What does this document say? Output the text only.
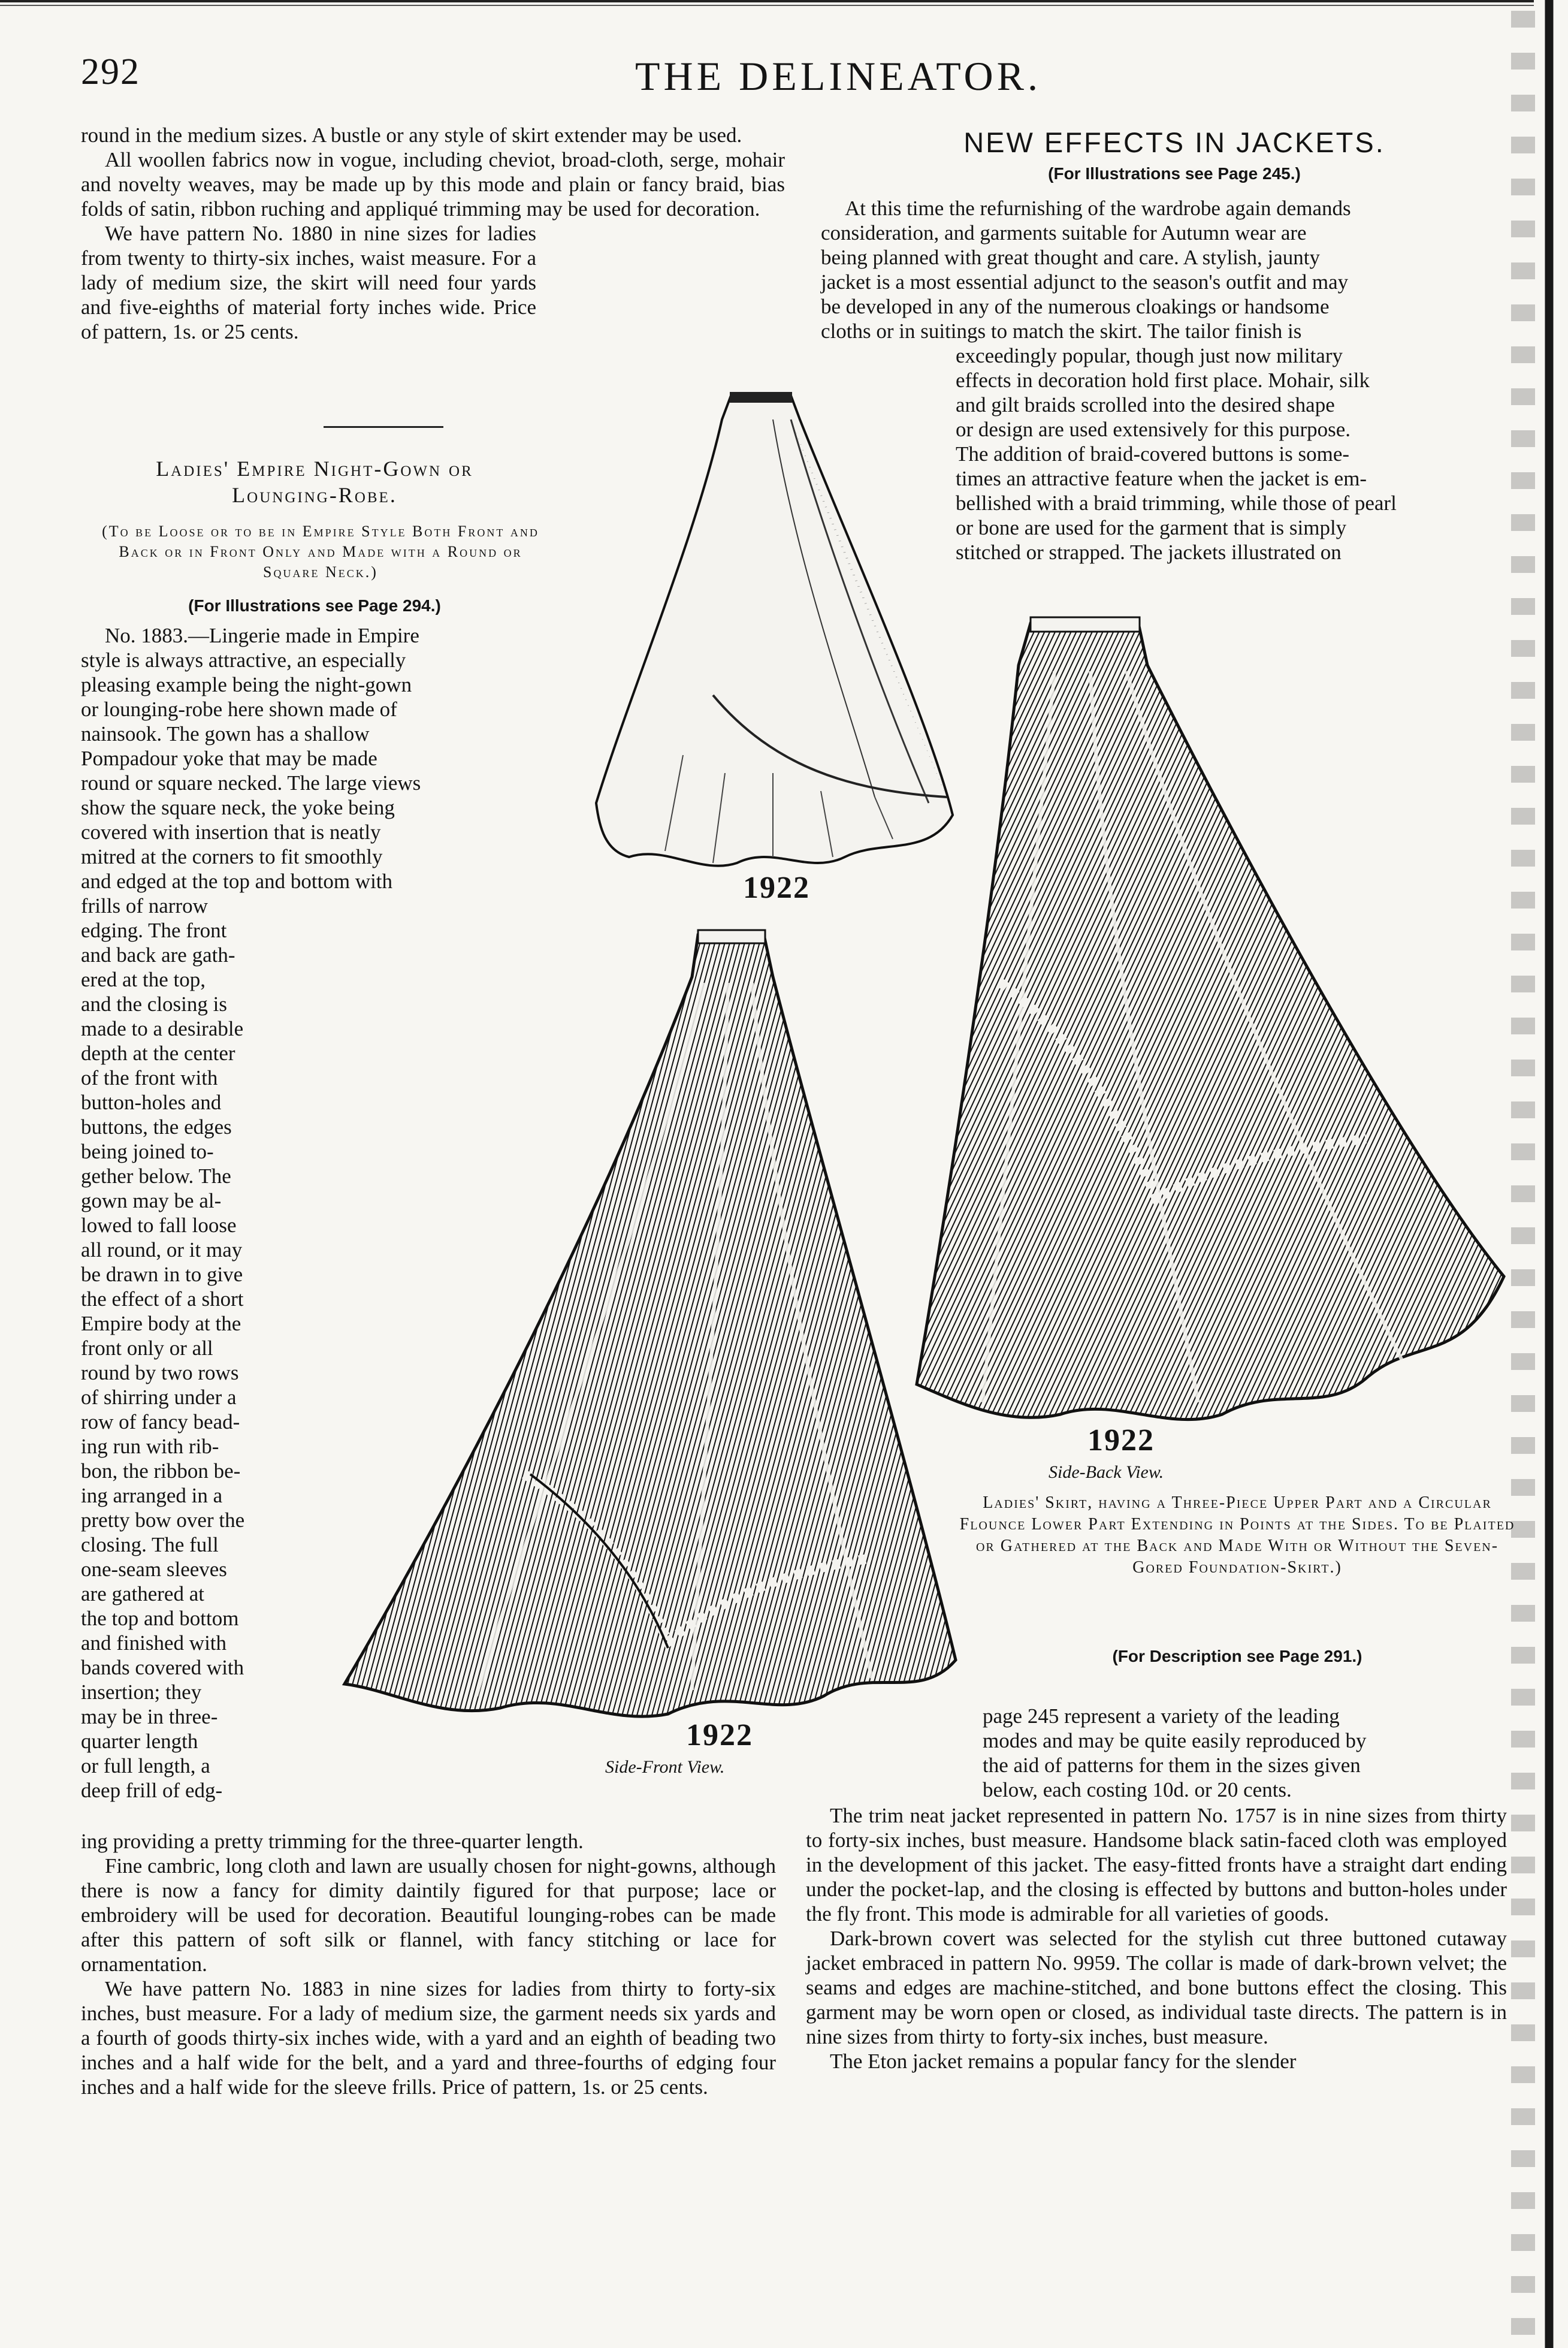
292	THE DELINEATOR.

round in the medium sizes. A bustle or any style of skirt extender may be used.

All woollen fabrics now in vogue, including cheviot, broad-cloth, serge, mohair and novelty weaves, may be made up by this mode and plain or fancy braid, bias folds of satin, ribbon ruching and appliqué trimming may be used for decoration.

We have pattern No. 1880 in nine sizes for ladies from twenty to thirty-six inches, waist measure. For a lady of medium size, the skirt will need four yards and five-eighths of material forty inches wide. Price of pattern, 1s. or 25 cents.

Ladies' Empire Night-Gown or
Lounging-Robe.
(To be Loose or to be in Empire Style Both Front and Back or in Front Only and Made with a Round or Square Neck.)
(For Illustrations see Page 294.)
No. 1883.—Lingerie made in Empire
style is always attractive, an especially
pleasing example being the night-gown
or lounging-robe here shown made of
nainsook. The gown has a shallow
Pompadour yoke that may be made
round or square necked. The large views
show the square neck, the yoke being
covered with insertion that is neatly
mitred at the corners to fit smoothly
and edged at the top and bottom with
frills of narrow
edging. The front
and back are gath-
ered at the top,
and the closing is
made to a desirable
depth at the center
of the front with
button-holes and
buttons, the edges
being joined to-
gether below. The
gown may be al-
lowed to fall loose
all round, or it may
be drawn in to give
the effect of a short
Empire body at the
front only or all
round by two rows
of shirring under a
row of fancy bead-
ing run with rib-
bon, the ribbon be-
ing arranged in a
pretty bow over the
closing. The full
one-seam sleeves
are gathered at
the top and bottom
and finished with
bands covered with
insertion; they
may be in three-
quarter length
or full length, a
deep frill of edg-

ing providing a pretty trimming for the three-quarter length.

Fine cambric, long cloth and lawn are usually chosen for night-gowns, although there is now a fancy for dimity daintily figured for that purpose; lace or embroidery will be used for decoration. Beautiful lounging-robes can be made after this pattern of soft silk or flannel, with fancy stitching or lace for ornamentation.

We have pattern No. 1883 in nine sizes for ladies from thirty to forty-six inches, bust measure. For a lady of medium size, the garment needs six yards and a fourth of goods thirty-six inches wide, with a yard and an eighth of beading two inches and a half wide for the belt, and a yard and three-fourths of edging four inches and a half wide for the sleeve frills. Price of pattern, 1s. or 25 cents.

NEW EFFECTS IN JACKETS.
(For Illustrations see Page 245.)
At this time the refurnishing of the wardrobe again demands
consideration, and garments suitable for Autumn wear are
being planned with great thought and care. A stylish, jaunty
jacket is a most essential adjunct to the season's outfit and may
be developed in any of the numerous cloakings or handsome
cloths or in suitings to match the skirt. The tailor finish is
exceedingly popular, though just now military
effects in decoration hold first place. Mohair, silk
and gilt braids scrolled into the desired shape
or design are used extensively for this purpose.
The addition of braid-covered buttons is some-
times an attractive feature when the jacket is em-
bellished with a braid trimming, while those of pearl
or bone are used for the garment that is simply
stitched or strapped. The jackets illustrated on
page 245 represent a variety of the leading
modes and may be quite easily reproduced by
the aid of patterns for them in the sizes given
below, each costing 10d. or 20 cents.

The trim neat jacket represented in pattern No. 1757 is in nine sizes from thirty to forty-six inches, bust measure. Handsome black satin-faced cloth was employed in the development of this jacket. The easy-fitted fronts have a straight dart ending under the pocket-lap, and the closing is effected by buttons and button-holes under the fly front. This mode is admirable for all varieties of goods.

Dark-brown covert was selected for the stylish cut three buttoned cutaway jacket embraced in pattern No. 9959. The collar is made of dark-brown velvet; the seams and edges are machine-stitched, and bone buttons effect the closing. This garment may be worn open or closed, as individual taste directs. The pattern is in nine sizes from thirty to forty-six inches, bust measure.

The Eton jacket remains a popular fancy for the slender

1922
1922
Side-Front View.
1922
Side-Back View.
Ladies' Skirt, having a Three-Piece Upper Part and a Circular Flounce Lower Part Extending in Points at the Sides. To be Plaited or Gathered at the Back and Made With or Without the Seven-Gored Foundation-Skirt.)
(For Description see Page 291.)
